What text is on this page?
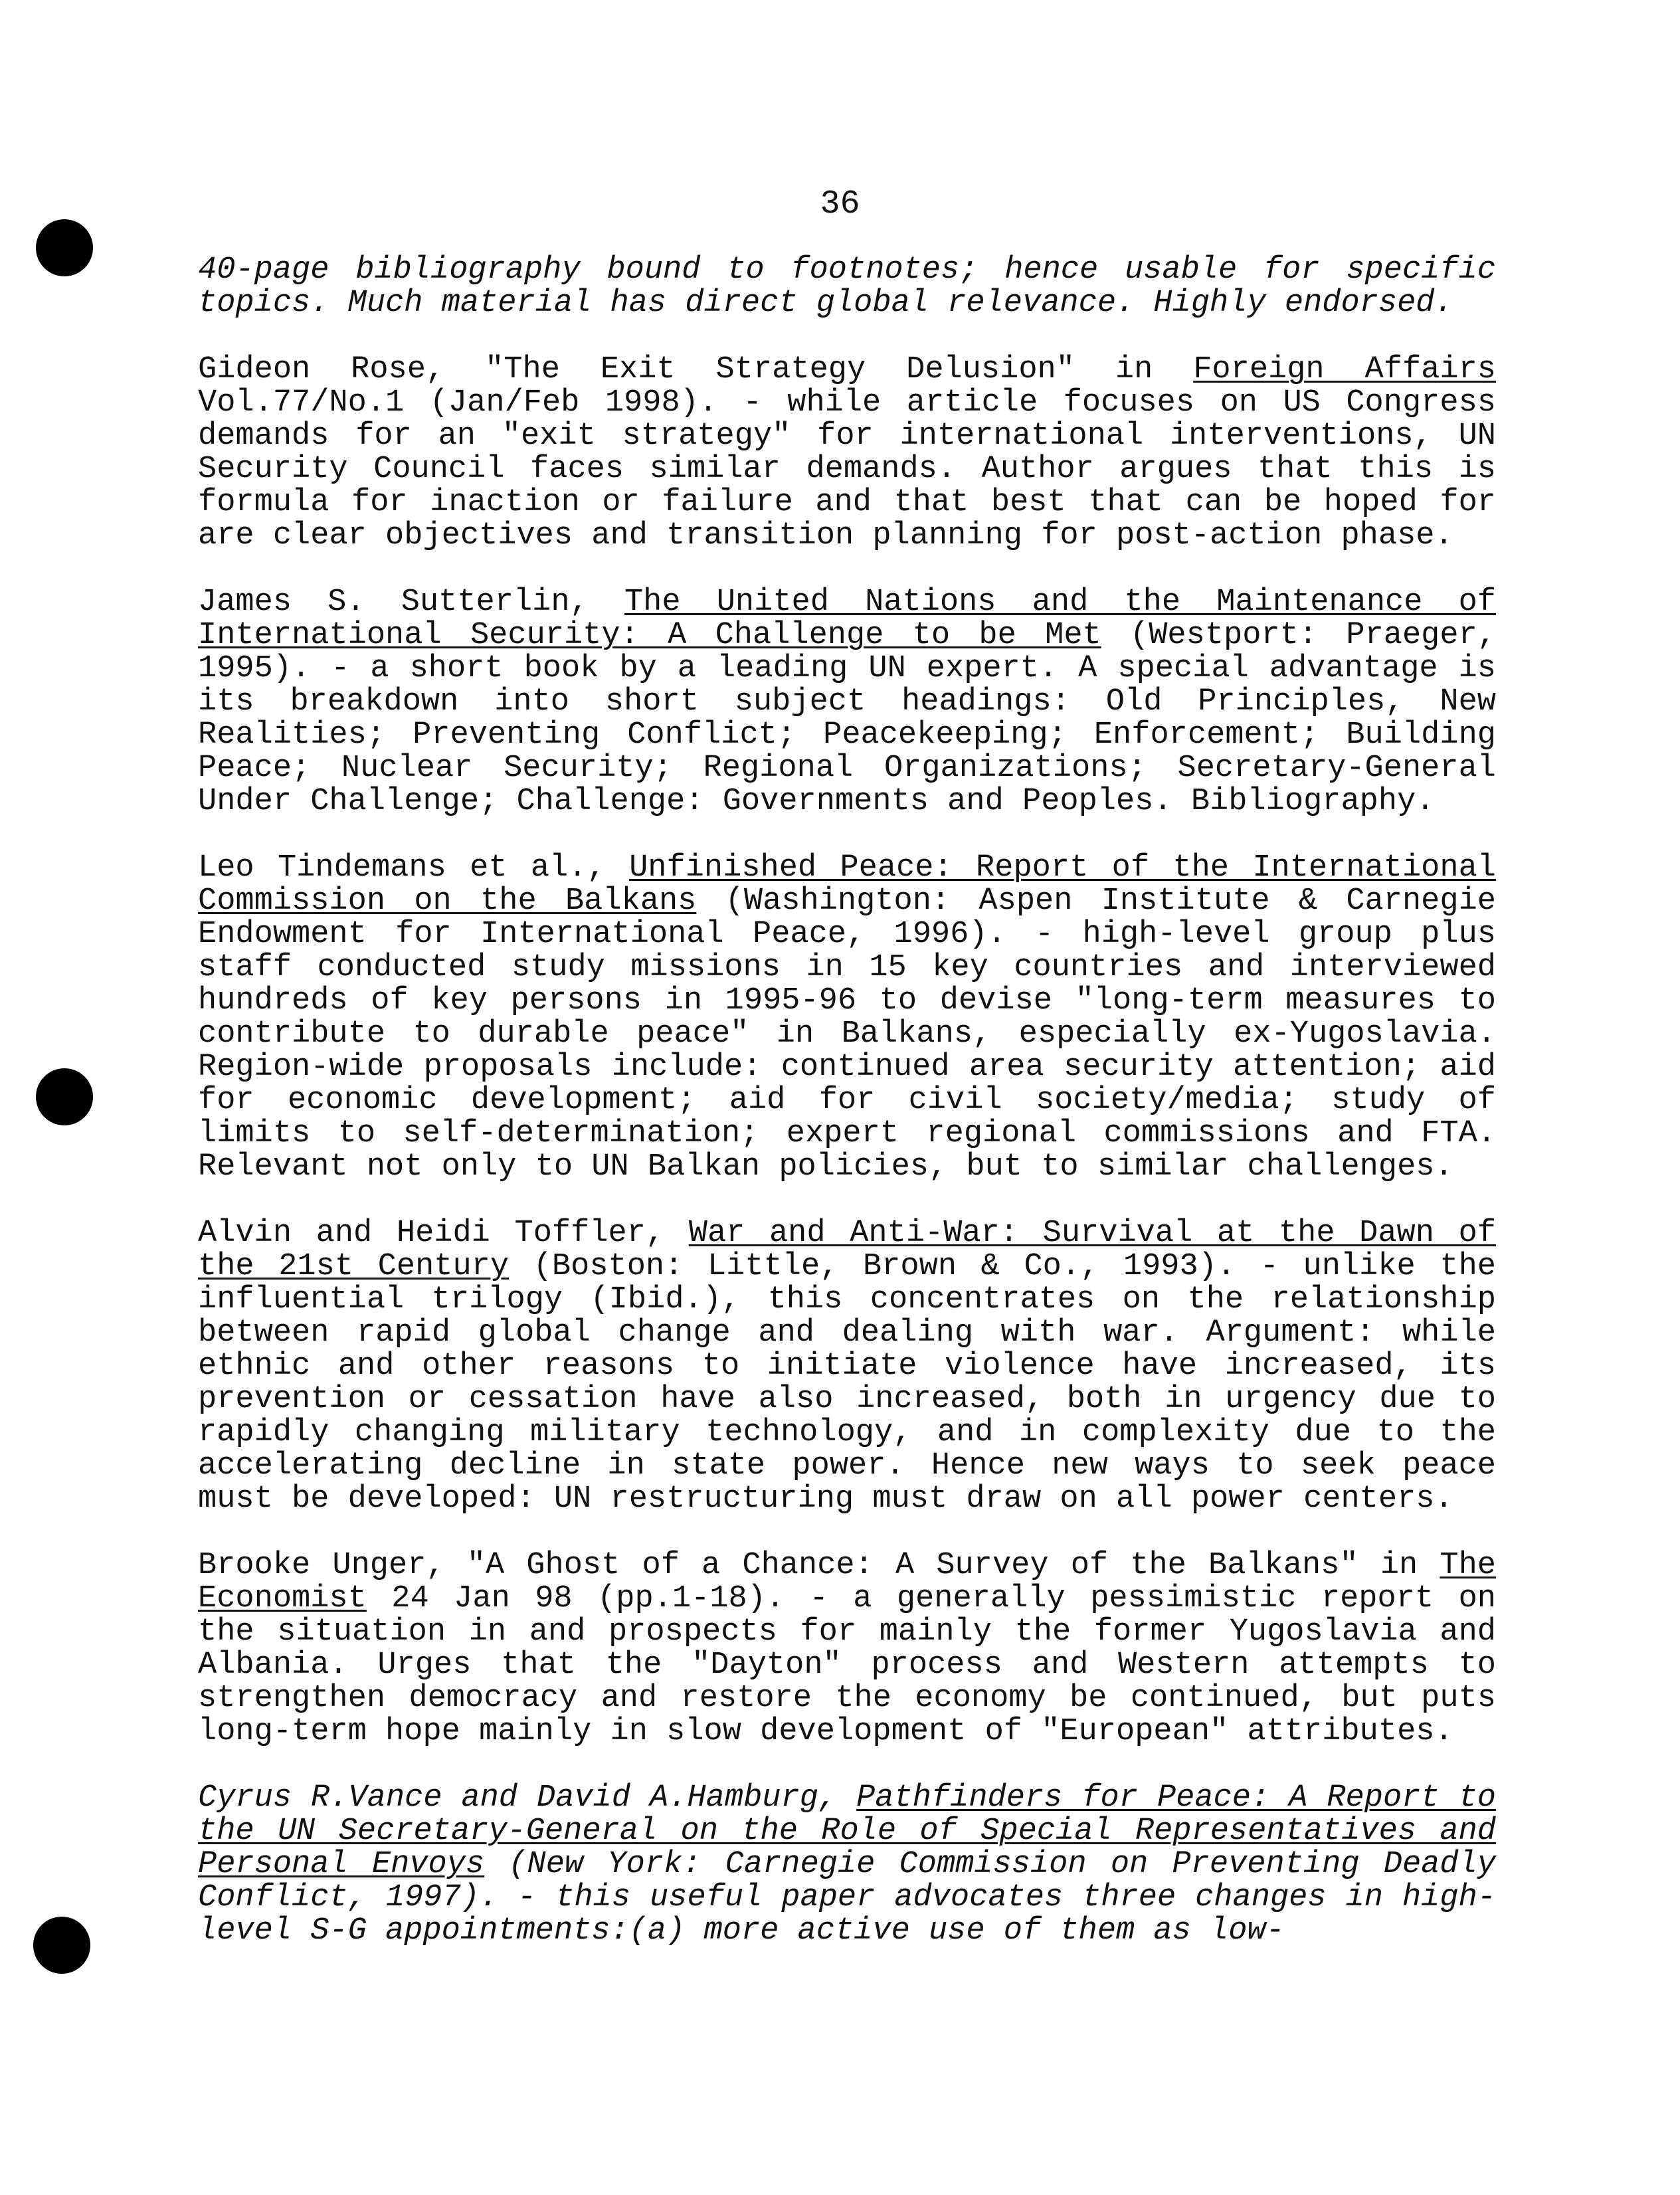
36

40-page bibliography bound to footnotes; hence usable for specific topics. Much material has direct global relevance. Highly endorsed.

Gideon Rose, "The Exit Strategy Delusion" in Foreign Affairs Vol.77/No.1 (Jan/Feb 1998). - while article focuses on US Congress demands for an "exit strategy" for international interventions, UN Security Council faces similar demands. Author argues that this is formula for inaction or failure and that best that can be hoped for are clear objectives and transition planning for post-action phase.

James S. Sutterlin, The United Nations and the Maintenance of International Security: A Challenge to be Met (Westport: Praeger, 1995). - a short book by a leading UN expert. A special advantage is its breakdown into short subject headings: Old Principles, New Realities; Preventing Conflict; Peacekeeping; Enforcement; Building Peace; Nuclear Security; Regional Organizations; Secretary-General Under Challenge; Challenge: Governments and Peoples. Bibliography.

Leo Tindemans et al., Unfinished Peace: Report of the International Commission on the Balkans (Washington: Aspen Institute & Carnegie Endowment for International Peace, 1996). - high-level group plus staff conducted study missions in 15 key countries and interviewed hundreds of key persons in 1995-96 to devise "long-term measures to contribute to durable peace" in Balkans, especially ex-Yugoslavia. Region-wide proposals include: continued area security attention; aid for economic development; aid for civil society/media; study of limits to self-determination; expert regional commissions and FTA. Relevant not only to UN Balkan policies, but to similar challenges.

Alvin and Heidi Toffler, War and Anti-War: Survival at the Dawn of the 21st Century (Boston: Little, Brown & Co., 1993). - unlike the influential trilogy (Ibid.), this concentrates on the relationship between rapid global change and dealing with war. Argument: while ethnic and other reasons to initiate violence have increased, its prevention or cessation have also increased, both in urgency due to rapidly changing military technology, and in complexity due to the accelerating decline in state power. Hence new ways to seek peace must be developed: UN restructuring must draw on all power centers.

Brooke Unger, "A Ghost of a Chance: A Survey of the Balkans" in The Economist 24 Jan 98 (pp.1-18). - a generally pessimistic report on the situation in and prospects for mainly the former Yugoslavia and Albania. Urges that the "Dayton" process and Western attempts to strengthen democracy and restore the economy be continued, but puts long-term hope mainly in slow development of "European" attributes.

Cyrus R.Vance and David A.Hamburg, Pathfinders for Peace: A Report to the UN Secretary-General on the Role of Special Representatives and Personal Envoys (New York: Carnegie Commission on Preventing Deadly Conflict, 1997). - this useful paper advocates three changes in high-level S-G appointments:(a) more active use of them as low-
